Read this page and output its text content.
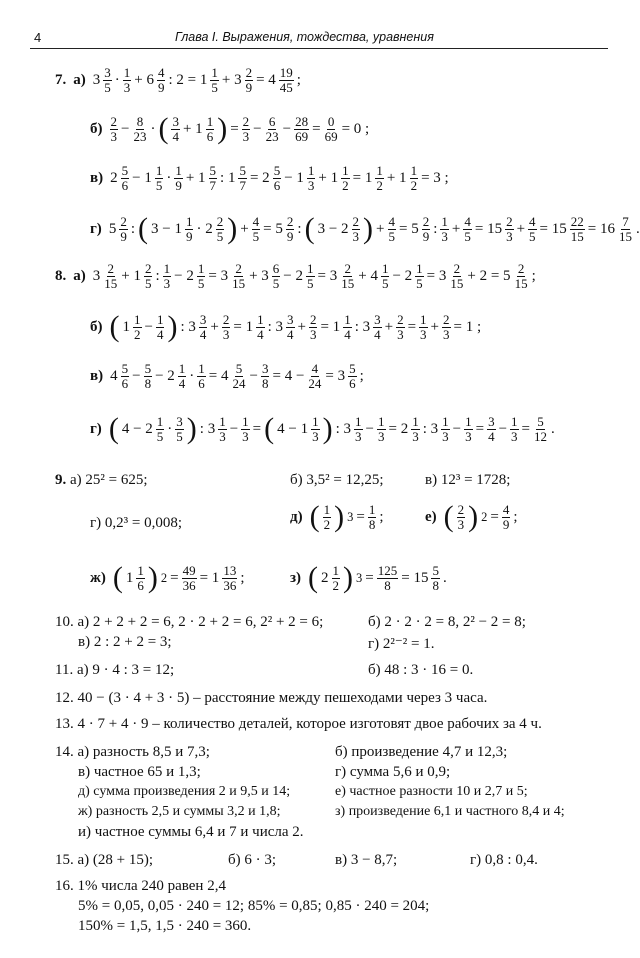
4	Глава I. Выражения, тождества, уравнения
7. а) 3 3
5 · 1
3 + 6 4
9 : 2 = 1 1
5 + 3 2
9 = 4 19
45 ;
б) 2
3 − 8
23 · ( 3
4 + 1 1
6 ) = 2
3 − 6
23 − 28
69 = 0
69 = 0 ;
в) 2 5
6 − 1 1
5 · 1
9 + 1 5
7 : 1 5
7 = 2 5
6 − 1 1
3 + 1 1
2 = 1 1
2 + 1 1
2 = 3 ;
г) 5 2
9 : ( 3 − 1 1
9 · 2 2
5 ) + 4
5 = 5 2
9 : ( 3 − 2 2
3 ) + 4
5 = 5 2
9 : 1
3 + 4
5 = 15 2
3 + 4
5 = 15 22
15 = 16 7
15 .
8. а) 3 2
15 + 1 2
5 : 1
3 − 2 1
5 = 3 2
15 + 3 6
5 − 2 1
5 = 3 2
15 + 4 1
5 − 2 1
5 = 3 2
15 + 2 = 5 2
15 ;
б) ( 1 1
2 − 1
4 ) : 3 3
4 + 2
3 = 1 1
4 : 3 3
4 + 2
3 = 1 1
4 : 3 3
4 + 2
3 = 1
3 + 2
3 = 1 ;
в) 4 5
6 − 5
8 − 2 1
4 · 1
6 = 4 5
24 − 3
8 = 4 − 4
24 = 3 5
6 ;
г) ( 4 − 2 1
5 · 3
5 ) : 3 1
3 − 1
3 = ( 4 − 1 1
3 ) : 3 1
3 − 1
3 = 2 1
3 : 3 1
3 − 1
3 = 3
4 − 1
3 = 5
12 .
9. а) 25² = 625;	б) 3,5² = 12,25;	в) 12³ = 1728;
г) 0,2³ = 0,008;	д) ( 1
2 ) 3 = 1
8 ;	е) ( 2
3 ) 2 = 4
9 ;
ж) ( 1 1
6 ) 2 = 49
36 = 1 13
36 ;	з) ( 2 1
2 ) 3 = 125
8 = 15 5
8 .
10. а) 2 + 2 + 2 = 6, 2 · 2 + 2 = 6, 2² + 2 = 6;	б) 2 · 2 · 2 = 8, 2² − 2 = 8;
в) 2 : 2 + 2 = 3;	г) 2²⁻² = 1.
11. а) 9 · 4 : 3 = 12;	б) 48 : 3 · 16 = 0.
12. 40 − (3 · 4 + 3 · 5) – расстояние между пешеходами через 3 часа.
13. 4 · 7 + 4 · 9 – количество деталей, которое изготовят двое рабочих за 4 ч.
14. а) разность 8,5 и 7,3;	б) произведение 4,7 и 12,3;
в) частное 65 и 1,3;	г) сумма 5,6 и 0,9;
д) сумма произведения 2 и 9,5 и 14;	е) частное разности 10 и 2,7 и 5;
ж) разность 2,5 и суммы 3,2 и 1,8;	з) произведение 6,1 и частного 8,4 и 4;
и) частное суммы 6,4 и 7 и числа 2.
15. а) (28 + 15);	б) 6 · 3;	в) 3 − 8,7;	г) 0,8 : 0,4.
16. 1% числа 240 равен 2,4
5% = 0,05, 0,05 · 240 = 12; 85% = 0,85; 0,85 · 240 = 204;
150% = 1,5, 1,5 · 240 = 360.
